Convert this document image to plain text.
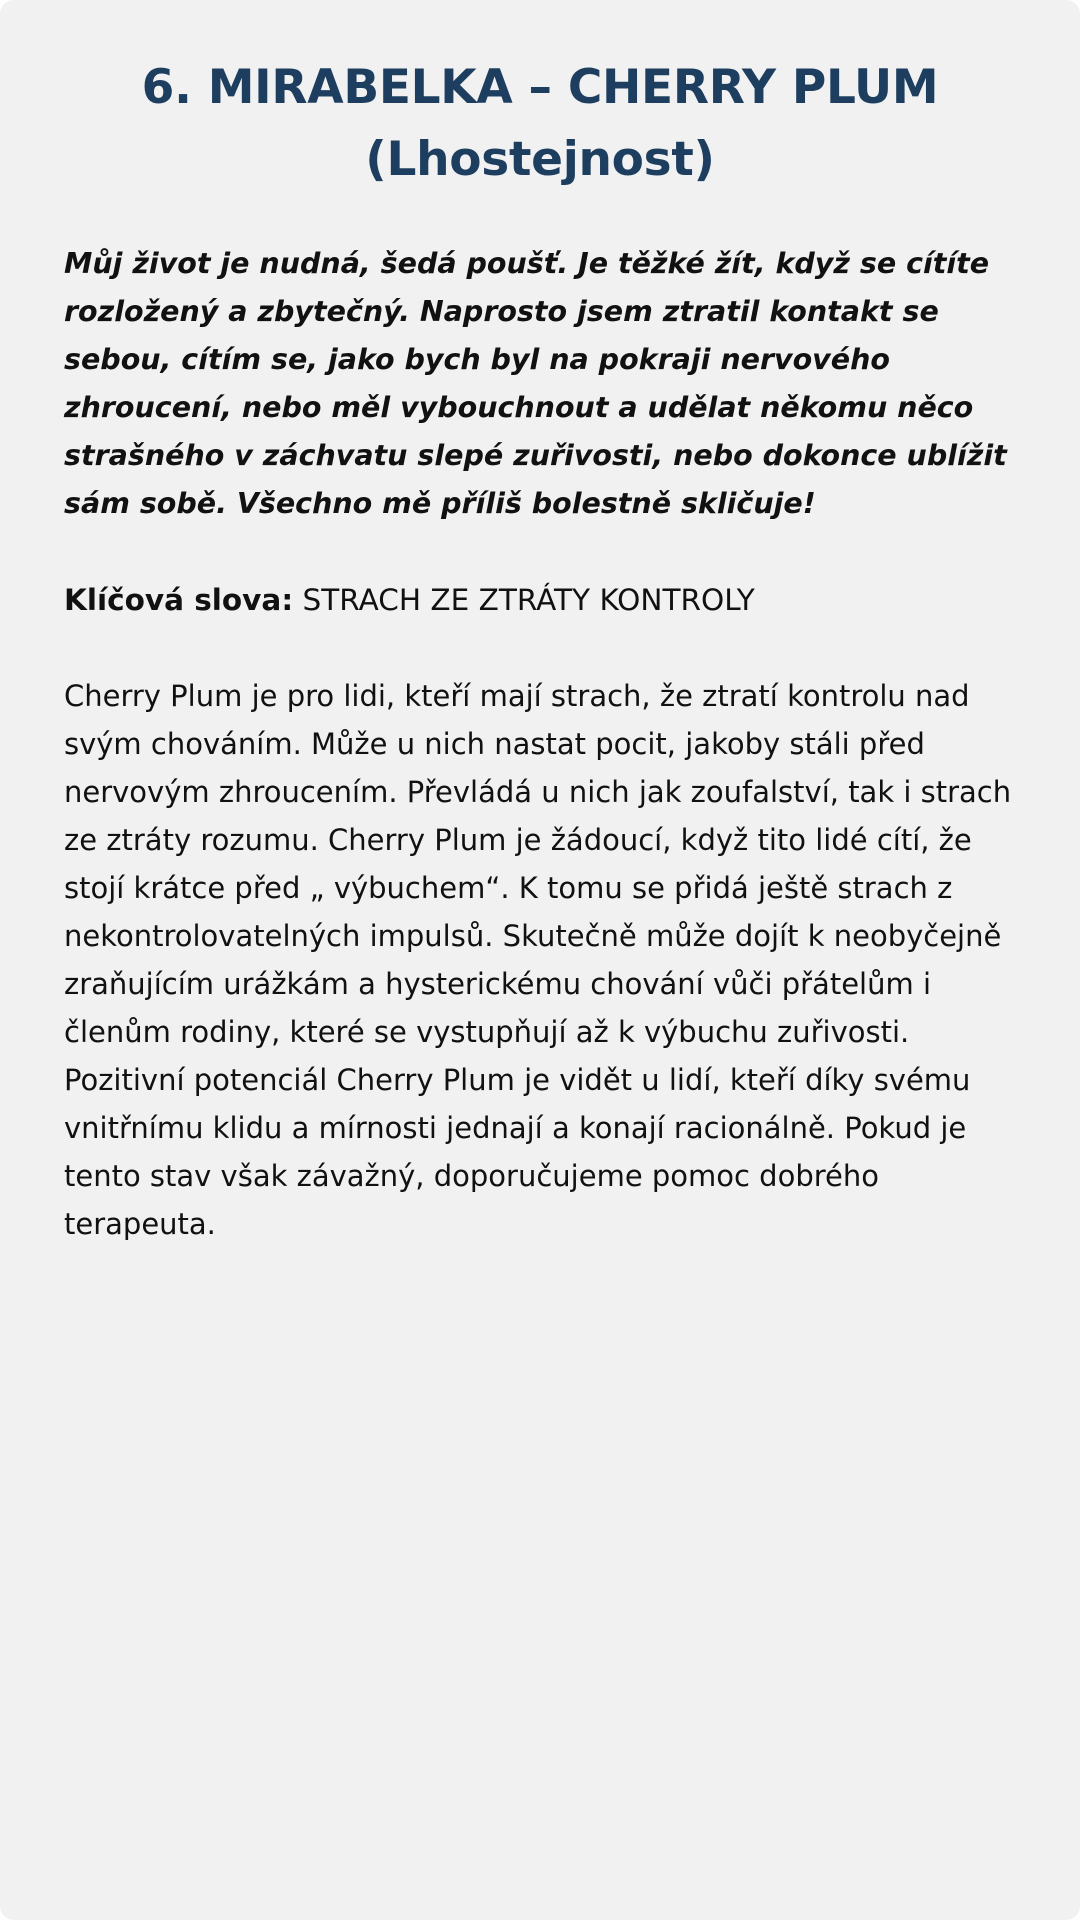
6. MIRABELKA – CHERRY PLUM
(Lhostejnost)

Můj život je nudná, šedá poušť. Je těžké žít, když se cítíte rozložený a zbytečný. Naprosto jsem ztratil kontakt se sebou, cítím se, jako bych byl na pokraji nervového zhroucení, nebo měl vybouchnout a udělat někomu něco strašného v záchvatu slepé zuřivosti, nebo dokonce ublížit sám sobě. Všechno mě příliš bolestně skličuje!

Klíčová slova: STRACH ZE ZTRÁTY KONTROLY

Cherry Plum je pro lidi, kteří mají strach, že ztratí kontrolu nad svým chováním. Může u nich nastat pocit, jakoby stáli před nervovým zhroucením. Převládá u nich jak zoufalství, tak i strach ze ztráty rozumu. Cherry Plum je žádoucí, když tito lidé cítí, že stojí krátce před „ výbuchem“. K tomu se přidá ještě strach z nekontrolovatelných impulsů. Skutečně může dojít k neobyčejně zraňujícím urážkám a hysterickému chování vůči přátelům i členům rodiny, které se vystupňují až k výbuchu zuřivosti. Pozitivní potenciál Cherry Plum je vidět u lidí, kteří díky svému vnitřnímu klidu a mírnosti jednají a konají racionálně. Pokud je tento stav však závažný, doporučujeme pomoc dobrého terapeuta.
